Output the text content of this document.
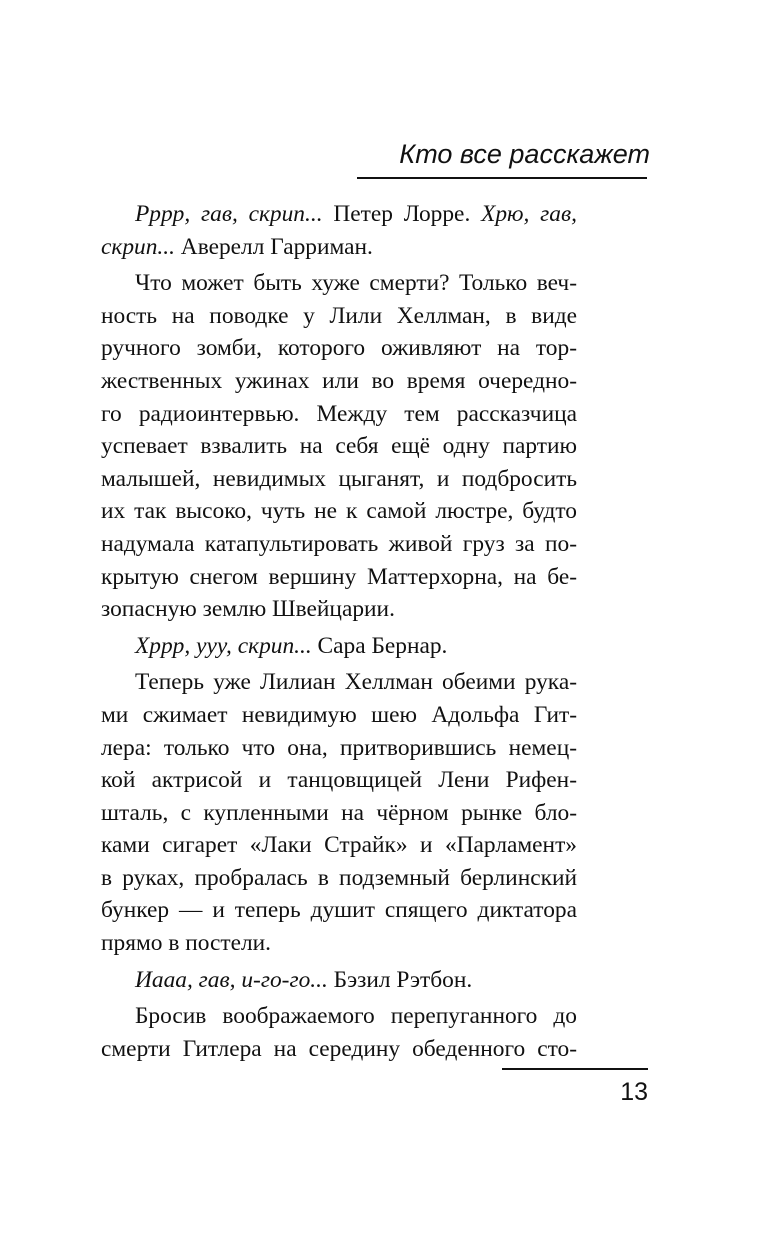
Кто все расскажет
Рррр, гав, скрип... Петер Лорре. Хрю, гав,
скрип... Аверелл Гарриман.
Что может быть хуже смерти? Только веч-
ность на поводке у Лили Хеллман, в виде
ручного зомби, которого оживляют на тор-
жественных ужинах или во время очередно-
го радиоинтервью. Между тем рассказчица
успевает взвалить на себя ещё одну партию
малышей, невидимых цыганят, и подбросить
их так высоко, чуть не к самой люстре, будто
надумала катапультировать живой груз за по-
крытую снегом вершину Маттерхорна, на бе-
зопасную землю Швейцарии.
Хррр, ууу, скрип... Сара Бернар.
Теперь уже Лилиан Хеллман обеими рука-
ми сжимает невидимую шею Адольфа Гит-
лера: только что она, притворившись немец-
кой актрисой и танцовщицей Лени Рифен-
шталь, с купленными на чёрном рынке бло-
ками сигарет «Лаки Страйк» и «Парламент»
в руках, пробралась в подземный берлинский
бункер — и теперь душит спящего диктатора
прямо в постели.
Иааа, гав, и-го-го... Бэзил Рэтбон.
Бросив воображаемого перепуганного до
смерти Гитлера на середину обеденного сто-
13
